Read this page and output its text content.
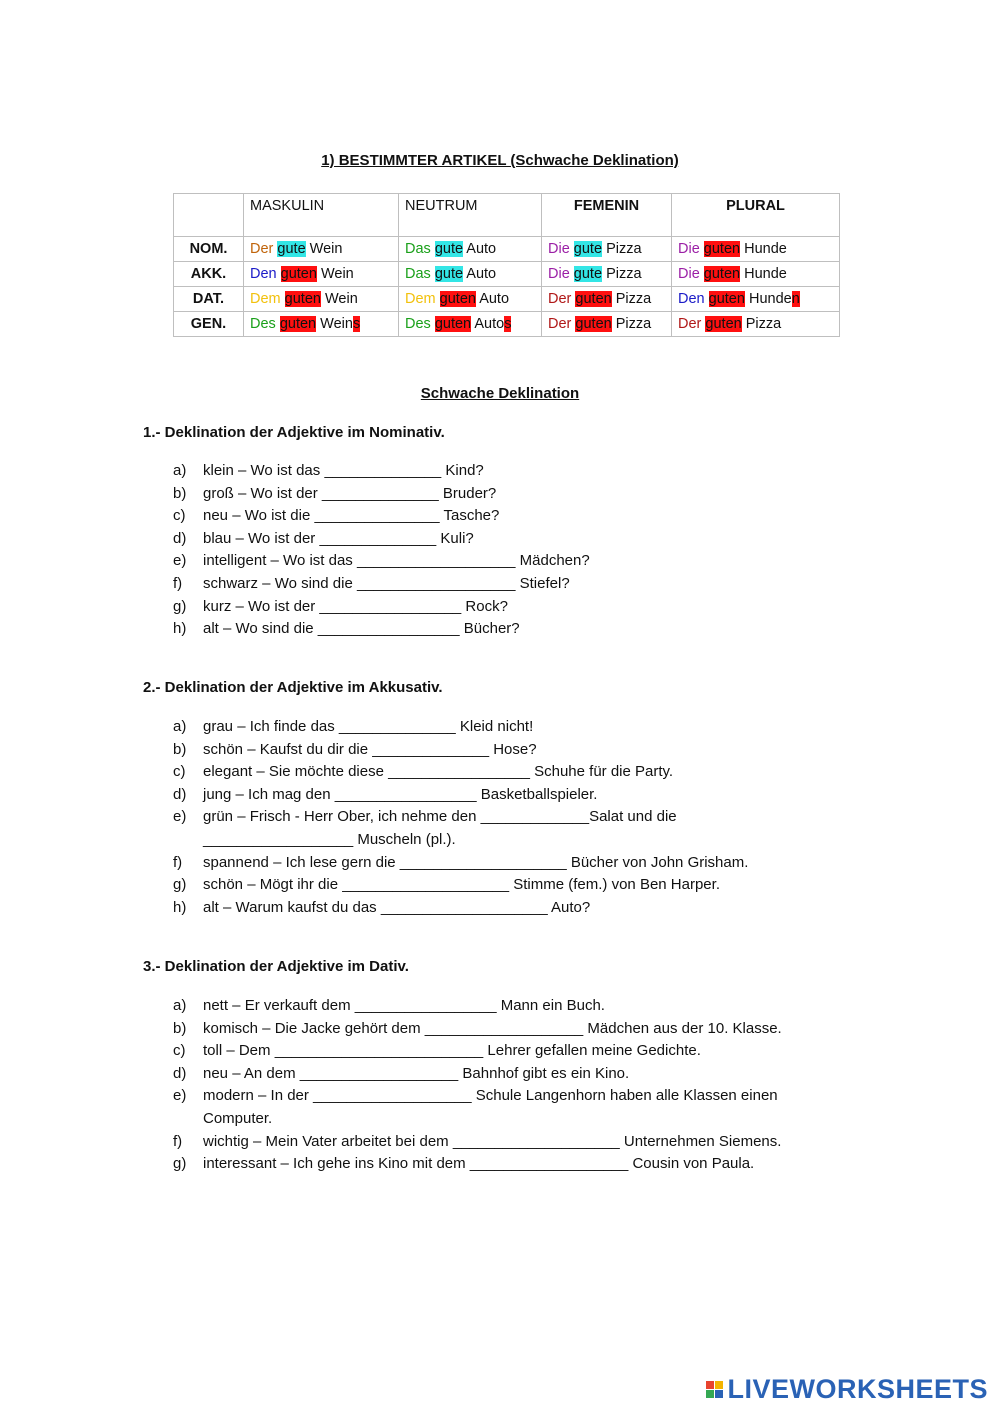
1) BESTIMMTER ARTIKEL (Schwache Deklination)
	MASKULIN	NEUTRUM	FEMENIN	PLURAL
NOM.	Der gute Wein	Das gute Auto	Die gute Pizza	Die guten Hunde
AKK.	Den guten Wein	Das gute Auto	Die gute Pizza	Die guten Hunde
DAT.	Dem guten Wein	Dem guten Auto	Der guten Pizza	Den guten Hunden
GEN.	Des guten Weins	Des guten Autos	Der guten Pizza	Der guten Pizza
Schwache Deklination
1.- Deklination der Adjektive im Nominativ.
a) klein – Wo ist das ______________ Kind?
b) groß – Wo ist der ______________ Bruder?
c) neu – Wo ist die _______________ Tasche?
d) blau – Wo ist der ______________ Kuli?
e) intelligent – Wo ist das ___________________ Mädchen?
f) schwarz – Wo sind die ___________________ Stiefel?
g) kurz – Wo ist der _________________ Rock?
h) alt – Wo sind die _________________ Bücher?
2.- Deklination der Adjektive im Akkusativ.
a) grau – Ich finde das ______________ Kleid nicht!
b) schön – Kaufst du dir die ______________ Hose?
c) elegant – Sie möchte diese _________________ Schuhe für die Party.
d) jung – Ich mag den _________________ Basketballspieler.
e) grün – Frisch - Herr Ober, ich nehme den _____________Salat und die
__________________ Muscheln (pl.).
f) spannend – Ich lese gern die ____________________ Bücher von John Grisham.
g) schön – Mögt ihr die ____________________ Stimme (fem.) von Ben Harper.
h) alt – Warum kaufst du das ____________________ Auto?
3.- Deklination der Adjektive im Dativ.
a) nett – Er verkauft dem _________________ Mann ein Buch.
b) komisch – Die Jacke gehört dem ___________________ Mädchen aus der 10. Klasse.
c) toll – Dem _________________________ Lehrer gefallen meine Gedichte.
d) neu – An dem ___________________ Bahnhof gibt es ein Kino.
e) modern – In der ___________________ Schule Langenhorn haben alle Klassen einen
Computer.
f) wichtig – Mein Vater arbeitet bei dem ____________________ Unternehmen Siemens.
g) interessant – Ich gehe ins Kino mit dem ___________________ Cousin von Paula.
LIVEWORKSHEETS
